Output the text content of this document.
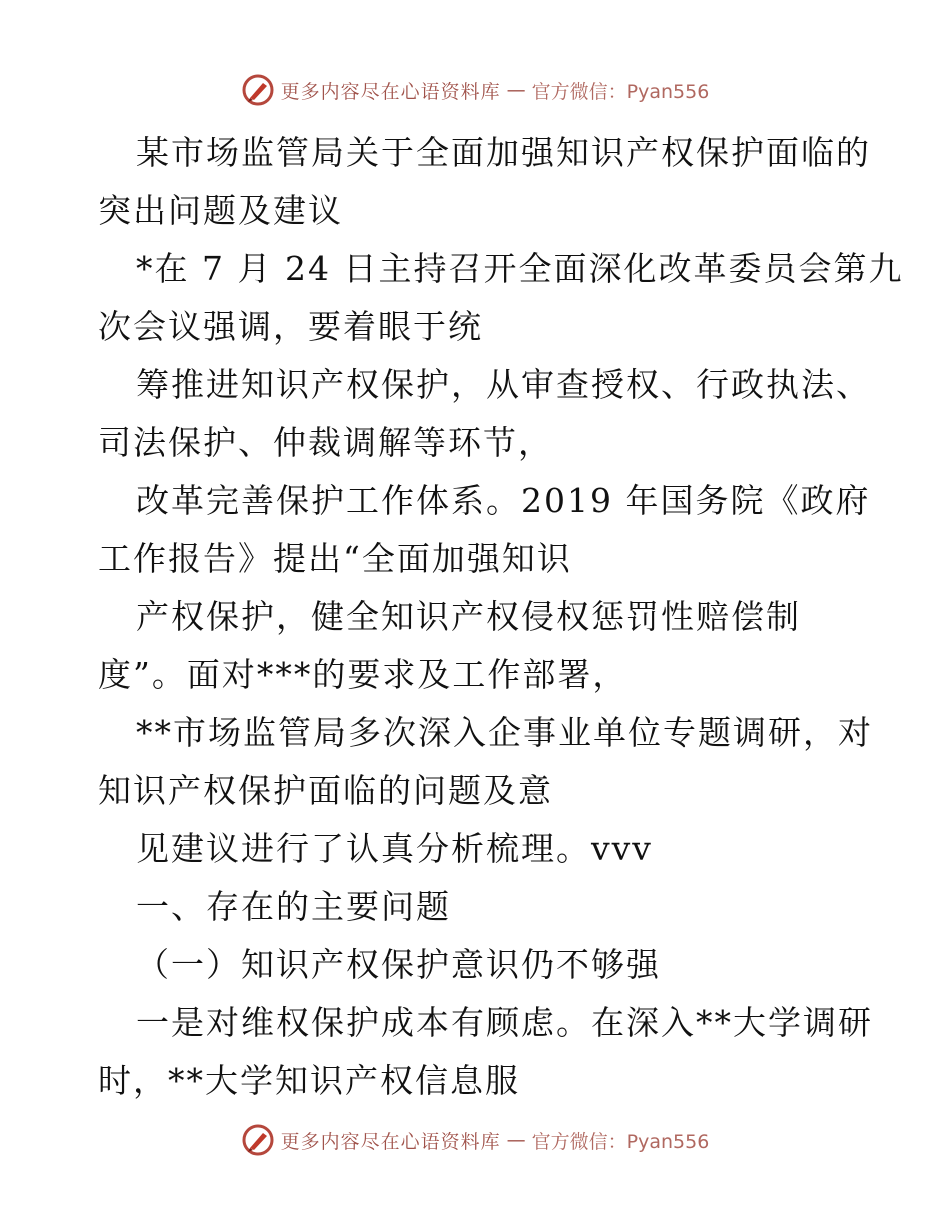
更多内容尽在心语资料库 — 官方微信：Pyan556
某市场监管局关于全面加强知识产权保护面临的
突出问题及建议
*在 7 月 24 日主持召开全面深化改革委员会第九
次会议强调，要着眼于统
筹推进知识产权保护，从审查授权、行政执法、
司法保护、仲裁调解等环节，
改革完善保护工作体系。2019 年国务院《政府
工作报告》提出“全面加强知识
产权保护，健全知识产权侵权惩罚性赔偿制
度”。面对***的要求及工作部署，
**市场监管局多次深入企事业单位专题调研，对
知识产权保护面临的问题及意
见建议进行了认真分析梳理。vvv
一、存在的主要问题
（一）知识产权保护意识仍不够强
一是对维权保护成本有顾虑。在深入**大学调研
时，**大学知识产权信息服
更多内容尽在心语资料库 — 官方微信：Pyan556
